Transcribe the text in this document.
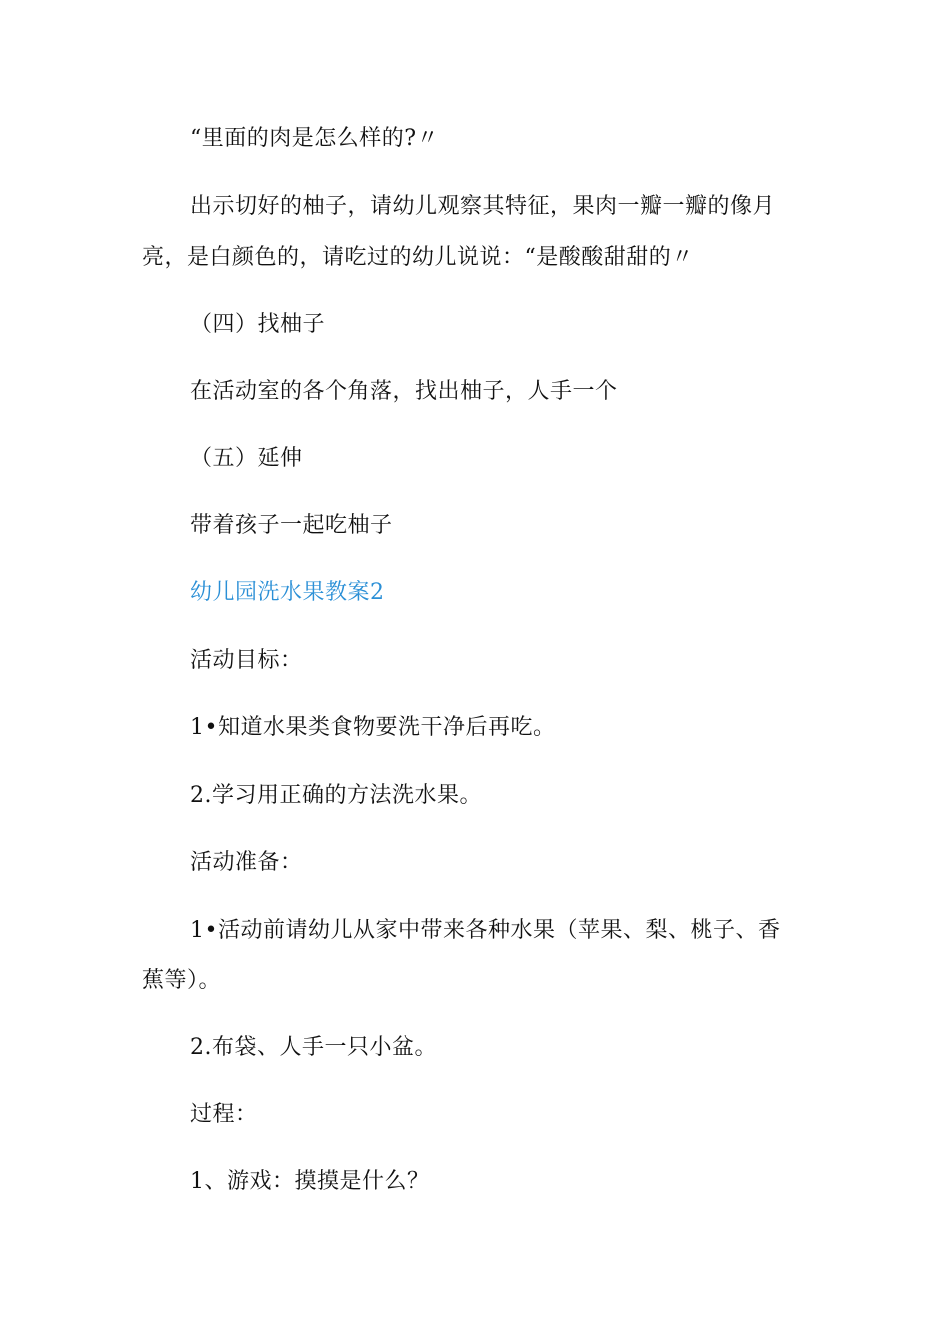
“里面的肉是怎么样的?〃
出示切好的柚子，请幼儿观察其特征，果肉一瓣一瓣的像月
亮，是白颜色的，请吃过的幼儿说说：“是酸酸甜甜的〃
（四）找柚子
在活动室的各个角落，找出柚子，人手一个
（五）延伸
带着孩子一起吃柚子
幼儿园洗水果教案2
活动目标：
1•知道水果类食物要洗干净后再吃。
2.学习用正确的方法洗水果。
活动准备：
1•活动前请幼儿从家中带来各种水果（苹果、梨、桃子、香
蕉等）。
2.布袋、人手一只小盆。
过程：
1、游戏：摸摸是什么？
